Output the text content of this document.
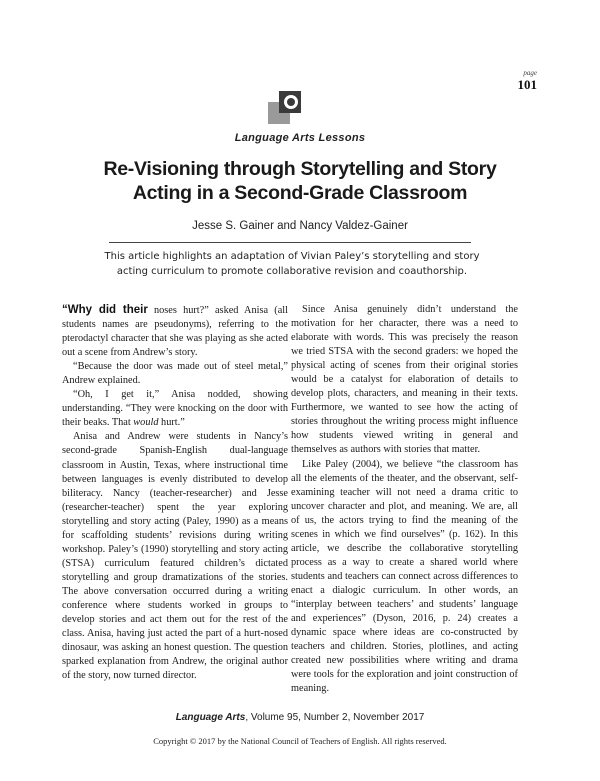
page
101
Language Arts Lessons
Re-Visioning through Storytelling and Story
Acting in a Second-Grade Classroom
Jesse S. Gainer and Nancy Valdez-Gainer

This article highlights an adaptation of Vivian Paley’s storytelling and story
acting curriculum to promote collaborative revision and coauthorship.

“Why did their noses hurt?” asked Anisa (all students names are pseudonyms), referring to the pterodactyl character that she was playing as she acted out a scene from Andrew’s story.

“Because the door was made out of steel metal,” Andrew explained.

“Oh, I get it,” Anisa nodded, showing understanding. “They were knocking on the door with their beaks. That would hurt.”

Anisa and Andrew were students in Nancy’s second-grade Spanish-English dual-language classroom in Austin, Texas, where instructional time between languages is evenly distributed to develop biliteracy. Nancy (teacher-researcher) and Jesse (researcher-teacher) spent the year exploring storytelling and story acting (Paley, 1990) as a means for scaffolding students’ revisions during writing workshop. Paley’s (1990) storytelling and story acting (STSA) curriculum featured children’s dictated storytelling and group dramatizations of the stories. The above conversation occurred during a writing conference where students worked in groups to develop stories and act them out for the rest of the class. Anisa, having just acted the part of a hurt-nosed dinosaur, was asking an honest question. The question sparked explanation from Andrew, the original author of the story, now turned director.

Since Anisa genuinely didn’t understand the motivation for her character, there was a need to elaborate with words. This was precisely the reason we tried STSA with the second graders: we hoped the physical acting of scenes from their original stories would be a catalyst for elaboration of details to develop plots, characters, and meaning in their texts. Furthermore, we wanted to see how the acting of stories throughout the writing process might influence how students viewed writing in general and themselves as authors with stories that matter.

Like Paley (2004), we believe “the classroom has all the elements of the theater, and the observant, self-examining teacher will not need a drama critic to uncover character and plot, and meaning. We are, all of us, the actors trying to find the meaning of the scenes in which we find ourselves” (p. 162). In this article, we describe the collaborative storytelling process as a way to create a shared world where students and teachers can connect across differences to enact a dialogic curriculum. In other words, an “interplay between teachers’ and students’ language and experiences” (Dyson, 2016, p. 24) creates a dynamic space where ideas are co-constructed by teachers and children. Stories, plotlines, and acting created new possibilities where writing and drama were tools for the exploration and joint construction of meaning.

Language Arts, Volume 95, Number 2, November 2017
Copyright © 2017 by the National Council of Teachers of English. All rights reserved.
